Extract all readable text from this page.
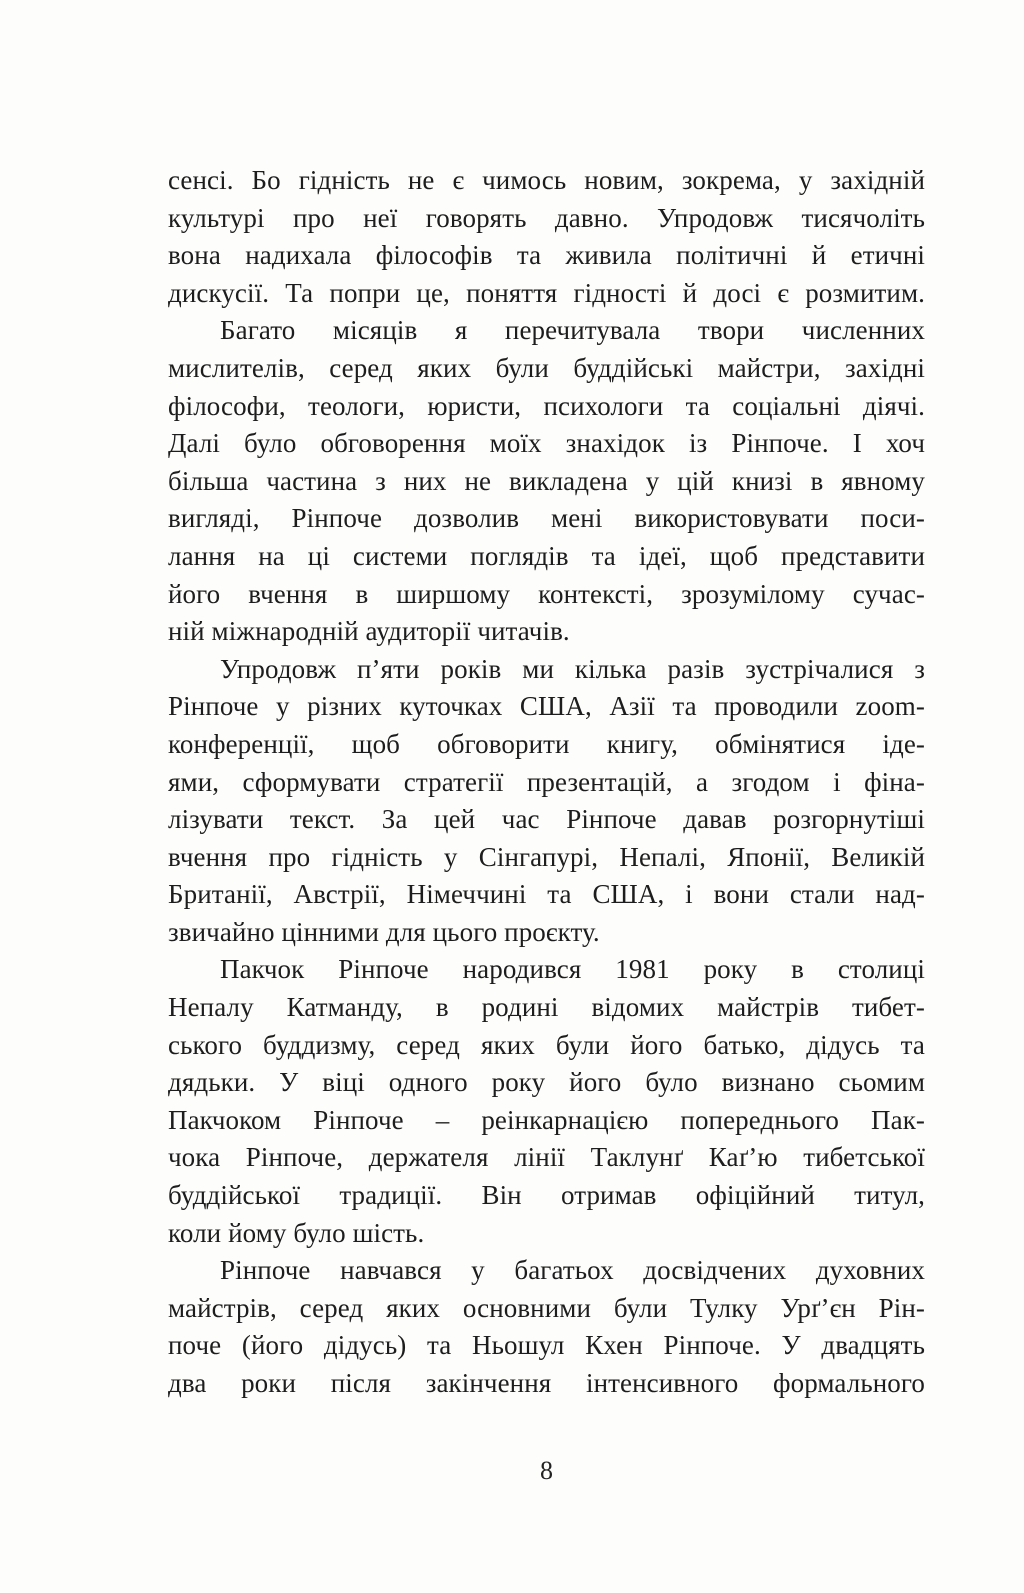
сенсі. Бо гідність не є чимось новим, зокрема, у західній
культурі про неї говорять давно. Упродовж тисячоліть
вона надихала філософів та живила політичні й етичні
дискусії. Та попри це, поняття гідності й досі є розмитим.
Багато місяців я перечитувала твори численних
мислителів, серед яких були буддійські майстри, західні
філософи, теологи, юристи, психологи та соціальні діячі.
Далі було обговорення моїх знахідок із Рінпоче. І хоч
більша частина з них не викладена у цій книзі в явному
вигляді, Рінпоче дозволив мені використовувати поси-
лання на ці системи поглядів та ідеї, щоб представити
його вчення в ширшому контексті, зрозумілому сучас-
ній міжнародній аудиторії читачів.
Упродовж п’яти років ми кілька разів зустрічалися з
Рінпоче у різних куточках США, Азії та проводили zoom-
конференції, щоб обговорити книгу, обмінятися іде-
ями, сформувати стратегії презентацій, а згодом і фіна-
лізувати текст. За цей час Рінпоче давав розгорнутіші
вчення про гідність у Сінгапурі, Непалі, Японії, Великій
Британії, Австрії, Німеччині та США, і вони стали над-
звичайно цінними для цього проєкту.
Пакчок Рінпоче народився 1981 року в столиці
Непалу Катманду, в родині відомих майстрів тибет-
ського буддизму, серед яких були його батько, дідусь та
дядьки. У віці одного року його було визнано сьомим
Пакчоком Рінпоче – реінкарнацією попереднього Пак-
чока Рінпоче, держателя лінії Таклунґ Каґ’ю тибетської
буддійської традиції. Він отримав офіційний титул,
коли йому було шість.
Рінпоче навчався у багатьох досвідчених духовних
майстрів, серед яких основними були Тулку Урґ’єн Рін-
поче (його дідусь) та Ньошул Кхен Рінпоче. У двадцять
два роки після закінчення інтенсивного формального
8
